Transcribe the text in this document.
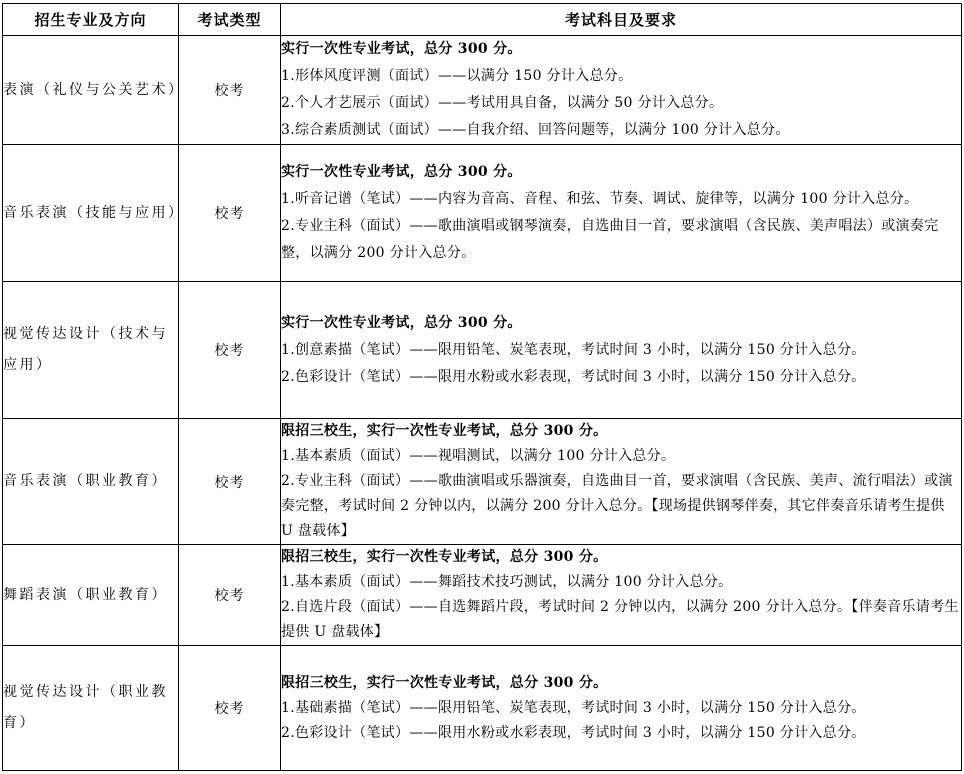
招生专业及方向	考试类型	考试科目及要求
表演（礼仪与公关艺术）	校考	实行一次性专业考试，总分 300 分。
1.形体风度评测（面试）——以满分 150 分计入总分。
2.个人才艺展示（面试）——考试用具自备，以满分 50 分计入总分。
3.综合素质测试（面试）——自我介绍、回答问题等，以满分 100 分计入总分。

音乐表演（技能与应用）	校考	实行一次性专业考试，总分 300 分。
1.听音记谱（笔试）——内容为音高、音程、和弦、节奏、调试、旋律等，以满分 100 分计入总分。
2.专业主科（面试）——歌曲演唱或钢琴演奏，自选曲目一首，要求演唱（含民族、美声唱法）或演奏完整，以满分 200 分计入总分。

视觉传达设计（技术与应用）	校考	实行一次性专业考试，总分 300 分。
1.创意素描（笔试）——限用铅笔、炭笔表现，考试时间 3 小时，以满分 150 分计入总分。
2.色彩设计（笔试）——限用水粉或水彩表现，考试时间 3 小时，以满分 150 分计入总分。

音乐表演（职业教育）	校考	限招三校生，实行一次性专业考试，总分 300 分。
1.基本素质（面试）——视唱测试，以满分 100 分计入总分。
2.专业主科（面试）——歌曲演唱或乐器演奏，自选曲目一首，要求演唱（含民族、美声、流行唱法）或演奏完整，考试时间 2 分钟以内，以满分 200 分计入总分。【现场提供钢琴伴奏，其它伴奏音乐请考生提供 U 盘载体】

舞蹈表演（职业教育）	校考	限招三校生，实行一次性专业考试，总分 300 分。
1.基本素质（面试）——舞蹈技术技巧测试，以满分 100 分计入总分。
2.自选片段（面试）——自选舞蹈片段，考试时间 2 分钟以内，以满分 200 分计入总分。【伴奏音乐请考生提供 U 盘载体】

视觉传达设计（职业教育）	校考	限招三校生，实行一次性专业考试，总分 300 分。
1.基础素描（笔试）——限用铅笔、炭笔表现，考试时间 3 小时，以满分 150 分计入总分。
2.色彩设计（笔试）——限用水粉或水彩表现，考试时间 3 小时，以满分 150 分计入总分。
